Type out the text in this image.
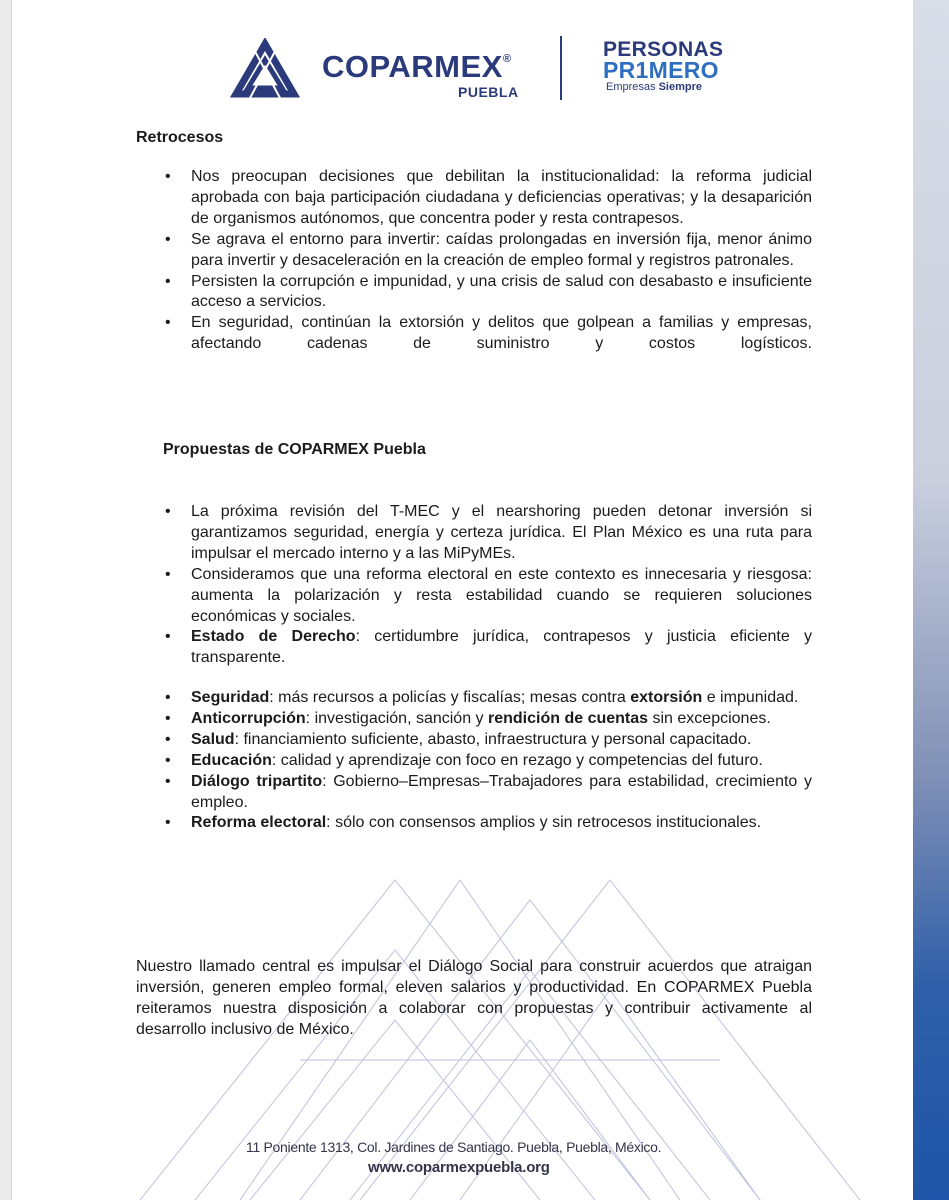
COPARMEX®
PUEBLA
PERSONAS
PR1MERO
Empresas Siempre
Retrocesos
• Nos preocupan decisiones que debilitan la institucionalidad: la reforma judicial aprobada con baja participación ciudadana y deficiencias operativas; y la desaparición de organismos autónomos, que concentra poder y resta contrapesos.
• Se agrava el entorno para invertir: caídas prolongadas en inversión fija, menor ánimo para invertir y desaceleración en la creación de empleo formal y registros patronales.
• Persisten la corrupción e impunidad, y una crisis de salud con desabasto e insuficiente acceso a servicios.
• En seguridad, continúan la extorsión y delitos que golpean a familias y empresas, afectando cadenas de suministro y costos logísticos.
Propuestas de COPARMEX Puebla
• La próxima revisión del T-MEC y el nearshoring pueden detonar inversión si garantizamos seguridad, energía y certeza jurídica. El Plan México es una ruta para impulsar el mercado interno y a las MiPyMEs.
• Consideramos que una reforma electoral en este contexto es innecesaria y riesgosa: aumenta la polarización y resta estabilidad cuando se requieren soluciones económicas y sociales.
• Estado de Derecho: certidumbre jurídica, contrapesos y justicia eficiente y transparente.
• Seguridad: más recursos a policías y fiscalías; mesas contra extorsión e impunidad.
• Anticorrupción: investigación, sanción y rendición de cuentas sin excepciones.
• Salud: financiamiento suficiente, abasto, infraestructura y personal capacitado.
• Educación: calidad y aprendizaje con foco en rezago y competencias del futuro.
• Diálogo tripartito: Gobierno–Empresas–Trabajadores para estabilidad, crecimiento y empleo.
• Reforma electoral: sólo con consensos amplios y sin retrocesos institucionales.

Nuestro llamado central es impulsar el Diálogo Social para construir acuerdos que atraigan inversión, generen empleo formal, eleven salarios y productividad. En COPARMEX Puebla reiteramos nuestra disposición a colaborar con propuestas y contribuir activamente al desarrollo inclusivo de México.

11 Poniente 1313, Col. Jardines de Santiago. Puebla, Puebla, México.
www.coparmexpuebla.org
